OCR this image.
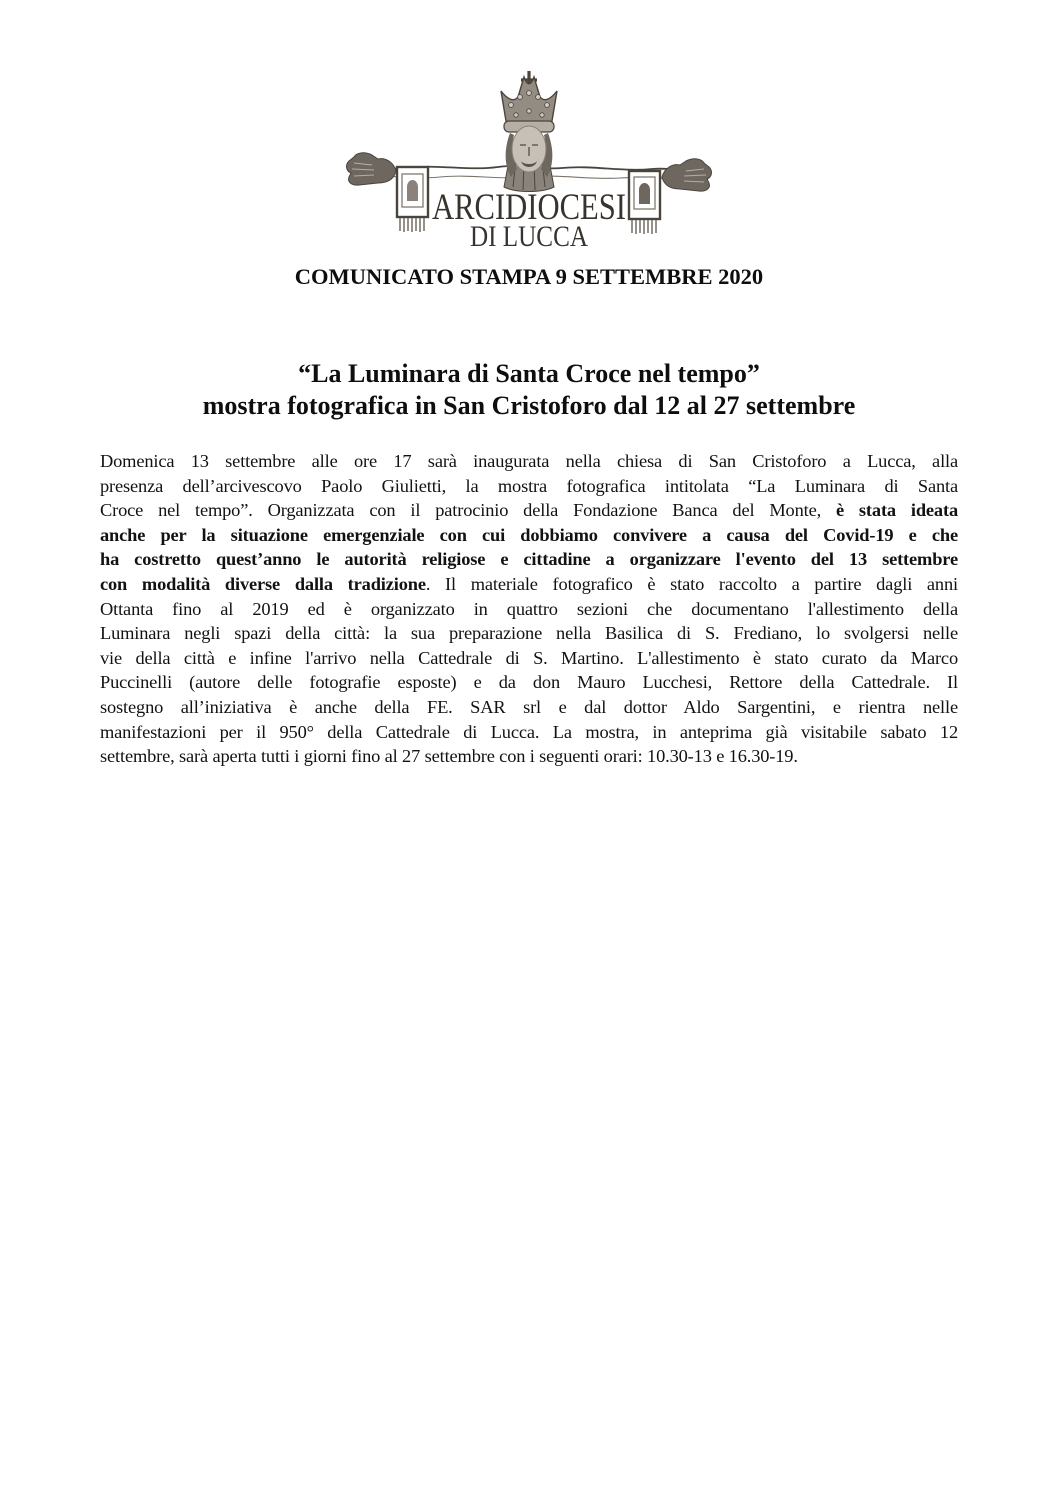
ARCIDIOCESI
DI LUCCA
COMUNICATO STAMPA 9 SETTEMBRE 2020
“La Luminara di Santa Croce nel tempo”
mostra fotografica in San Cristoforo dal 12 al 27 settembre
Domenica 13 settembre alle ore 17 sarà inaugurata nella chiesa di San Cristoforo a Lucca, alla
presenza dell’arcivescovo Paolo Giulietti, la mostra fotografica intitolata “La Luminara di Santa
Croce nel tempo”. Organizzata con il patrocinio della Fondazione Banca del Monte, è stata ideata
anche per la situazione emergenziale con cui dobbiamo convivere a causa del Covid-19 e che
ha costretto quest’anno le autorità religiose e cittadine a organizzare l'evento del 13 settembre
con modalità diverse dalla tradizione. Il materiale fotografico è stato raccolto a partire dagli anni
Ottanta fino al 2019 ed è organizzato in quattro sezioni che documentano l'allestimento della
Luminara negli spazi della città: la sua preparazione nella Basilica di S. Frediano, lo svolgersi nelle
vie della città e infine l'arrivo nella Cattedrale di S. Martino. L'allestimento è stato curato da Marco
Puccinelli (autore delle fotografie esposte) e da don Mauro Lucchesi, Rettore della Cattedrale. Il
sostegno all’iniziativa è anche della FE. SAR srl e dal dottor Aldo Sargentini, e rientra nelle
manifestazioni per il 950° della Cattedrale di Lucca. La mostra, in anteprima già visitabile sabato 12
settembre, sarà aperta tutti i giorni fino al 27 settembre con i seguenti orari: 10.30-13 e 16.30-19.
